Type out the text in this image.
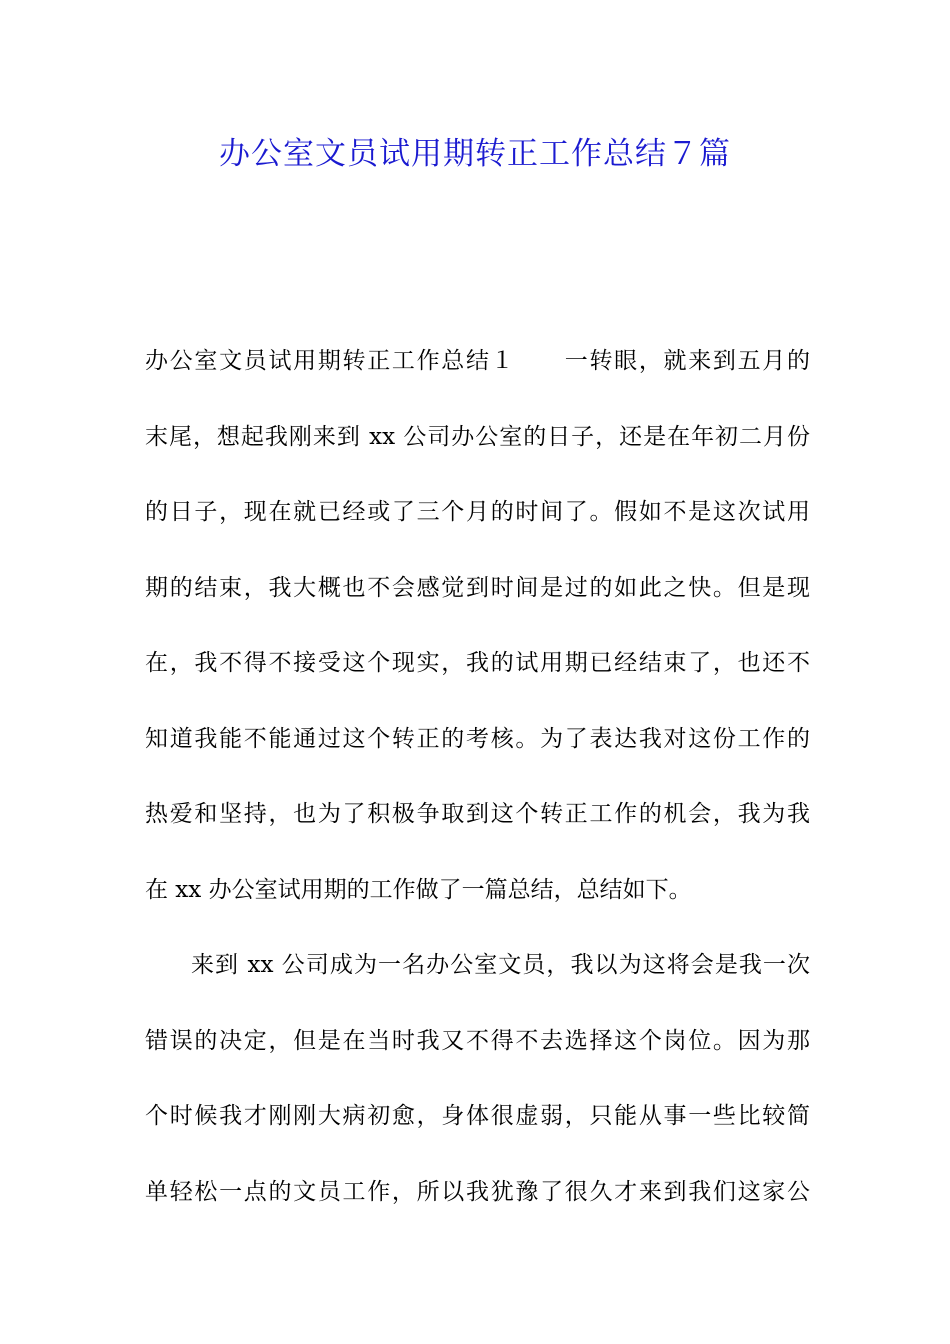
办公室文员试用期转正工作总结７篇
办公室文员试用期转正工作总结１　　一转眼，就来到五月的
末尾，想起我刚来到 xx 公司办公室的日子，还是在年初二月份
的日子，现在就已经或了三个月的时间了。假如不是这次试用
期的结束，我大概也不会感觉到时间是过的如此之快。但是现
在，我不得不接受这个现实，我的试用期已经结束了，也还不
知道我能不能通过这个转正的考核。为了表达我对这份工作的
热爱和坚持，也为了积极争取到这个转正工作的机会，我为我
在 xx 办公室试用期的工作做了一篇总结，总结如下。
来到 xx 公司成为一名办公室文员，我以为这将会是我一次
错误的决定，但是在当时我又不得不去选择这个岗位。因为那
个时候我才刚刚大病初愈，身体很虚弱，只能从事一些比较简
单轻松一点的文员工作，所以我犹豫了很久才来到我们这家公
